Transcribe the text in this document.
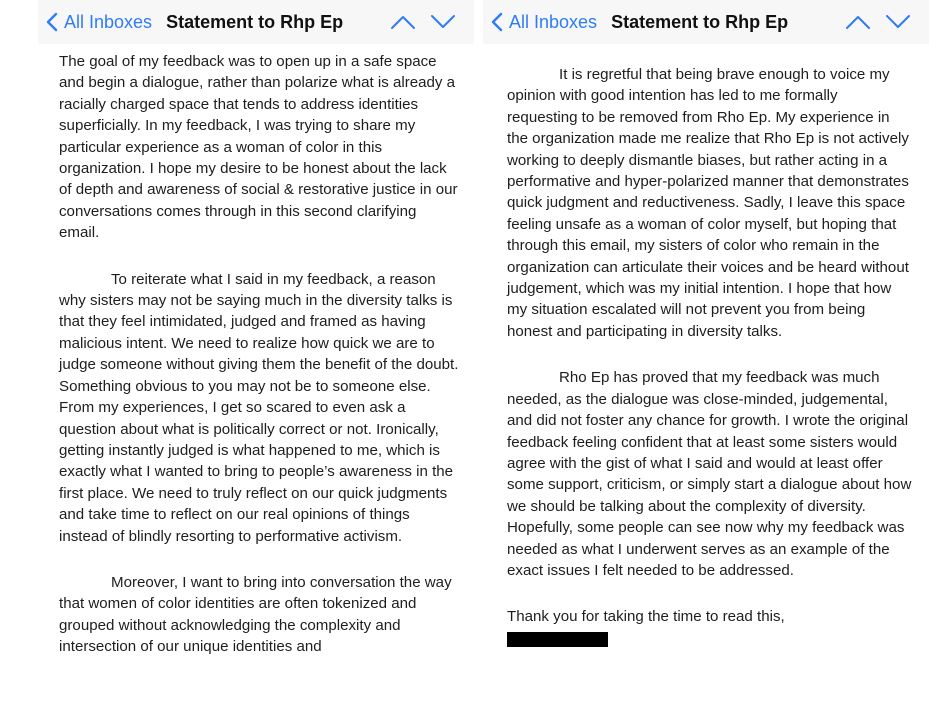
All Inboxes Statement to Rhp Ep

The goal of my feedback was to open up in a safe space and begin a dialogue, rather than polarize what is already a racially charged space that tends to address identities superficially. In my feedback, I was trying to share my particular experience as a woman of color in this organization. I hope my desire to be honest about the lack of depth and awareness of social & restorative justice in our conversations comes through in this second clarifying email.

To reiterate what I said in my feedback, a reason why sisters may not be saying much in the diversity talks is that they feel intimidated, judged and framed as having malicious intent. We need to realize how quick we are to judge someone without giving them the benefit of the doubt. Something obvious to you may not be to someone else. From my experiences, I get so scared to even ask a question about what is politically correct or not. Ironically, getting instantly judged is what happened to me, which is exactly what I wanted to bring to people’s awareness in the first place. We need to truly reflect on our quick judgments and take time to reflect on our real opinions of things instead of blindly resorting to performative activism.

Moreover, I want to bring into conversation the way that women of color identities are often tokenized and grouped without acknowledging the complexity and intersection of our unique identities and

All Inboxes Statement to Rhp Ep

It is regretful that being brave enough to voice my opinion with good intention has led to me formally requesting to be removed from Rho Ep. My experience in the organization made me realize that Rho Ep is not actively working to deeply dismantle biases, but rather acting in a performative and hyper-polarized manner that demonstrates quick judgment and reductiveness. Sadly, I leave this space feeling unsafe as a woman of color myself, but hoping that through this email, my sisters of color who remain in the organization can articulate their voices and be heard without judgement, which was my initial intention. I hope that how my situation escalated will not prevent you from being honest and participating in diversity talks.

Rho Ep has proved that my feedback was much needed, as the dialogue was close-minded, judgemental, and did not foster any chance for growth. I wrote the original feedback feeling confident that at least some sisters would agree with the gist of what I said and would at least offer some support, criticism, or simply start a dialogue about how we should be talking about the complexity of diversity. Hopefully, some people can see now why my feedback was needed as what I underwent serves as an example of the exact issues I felt needed to be addressed.

Thank you for taking the time to read this,
